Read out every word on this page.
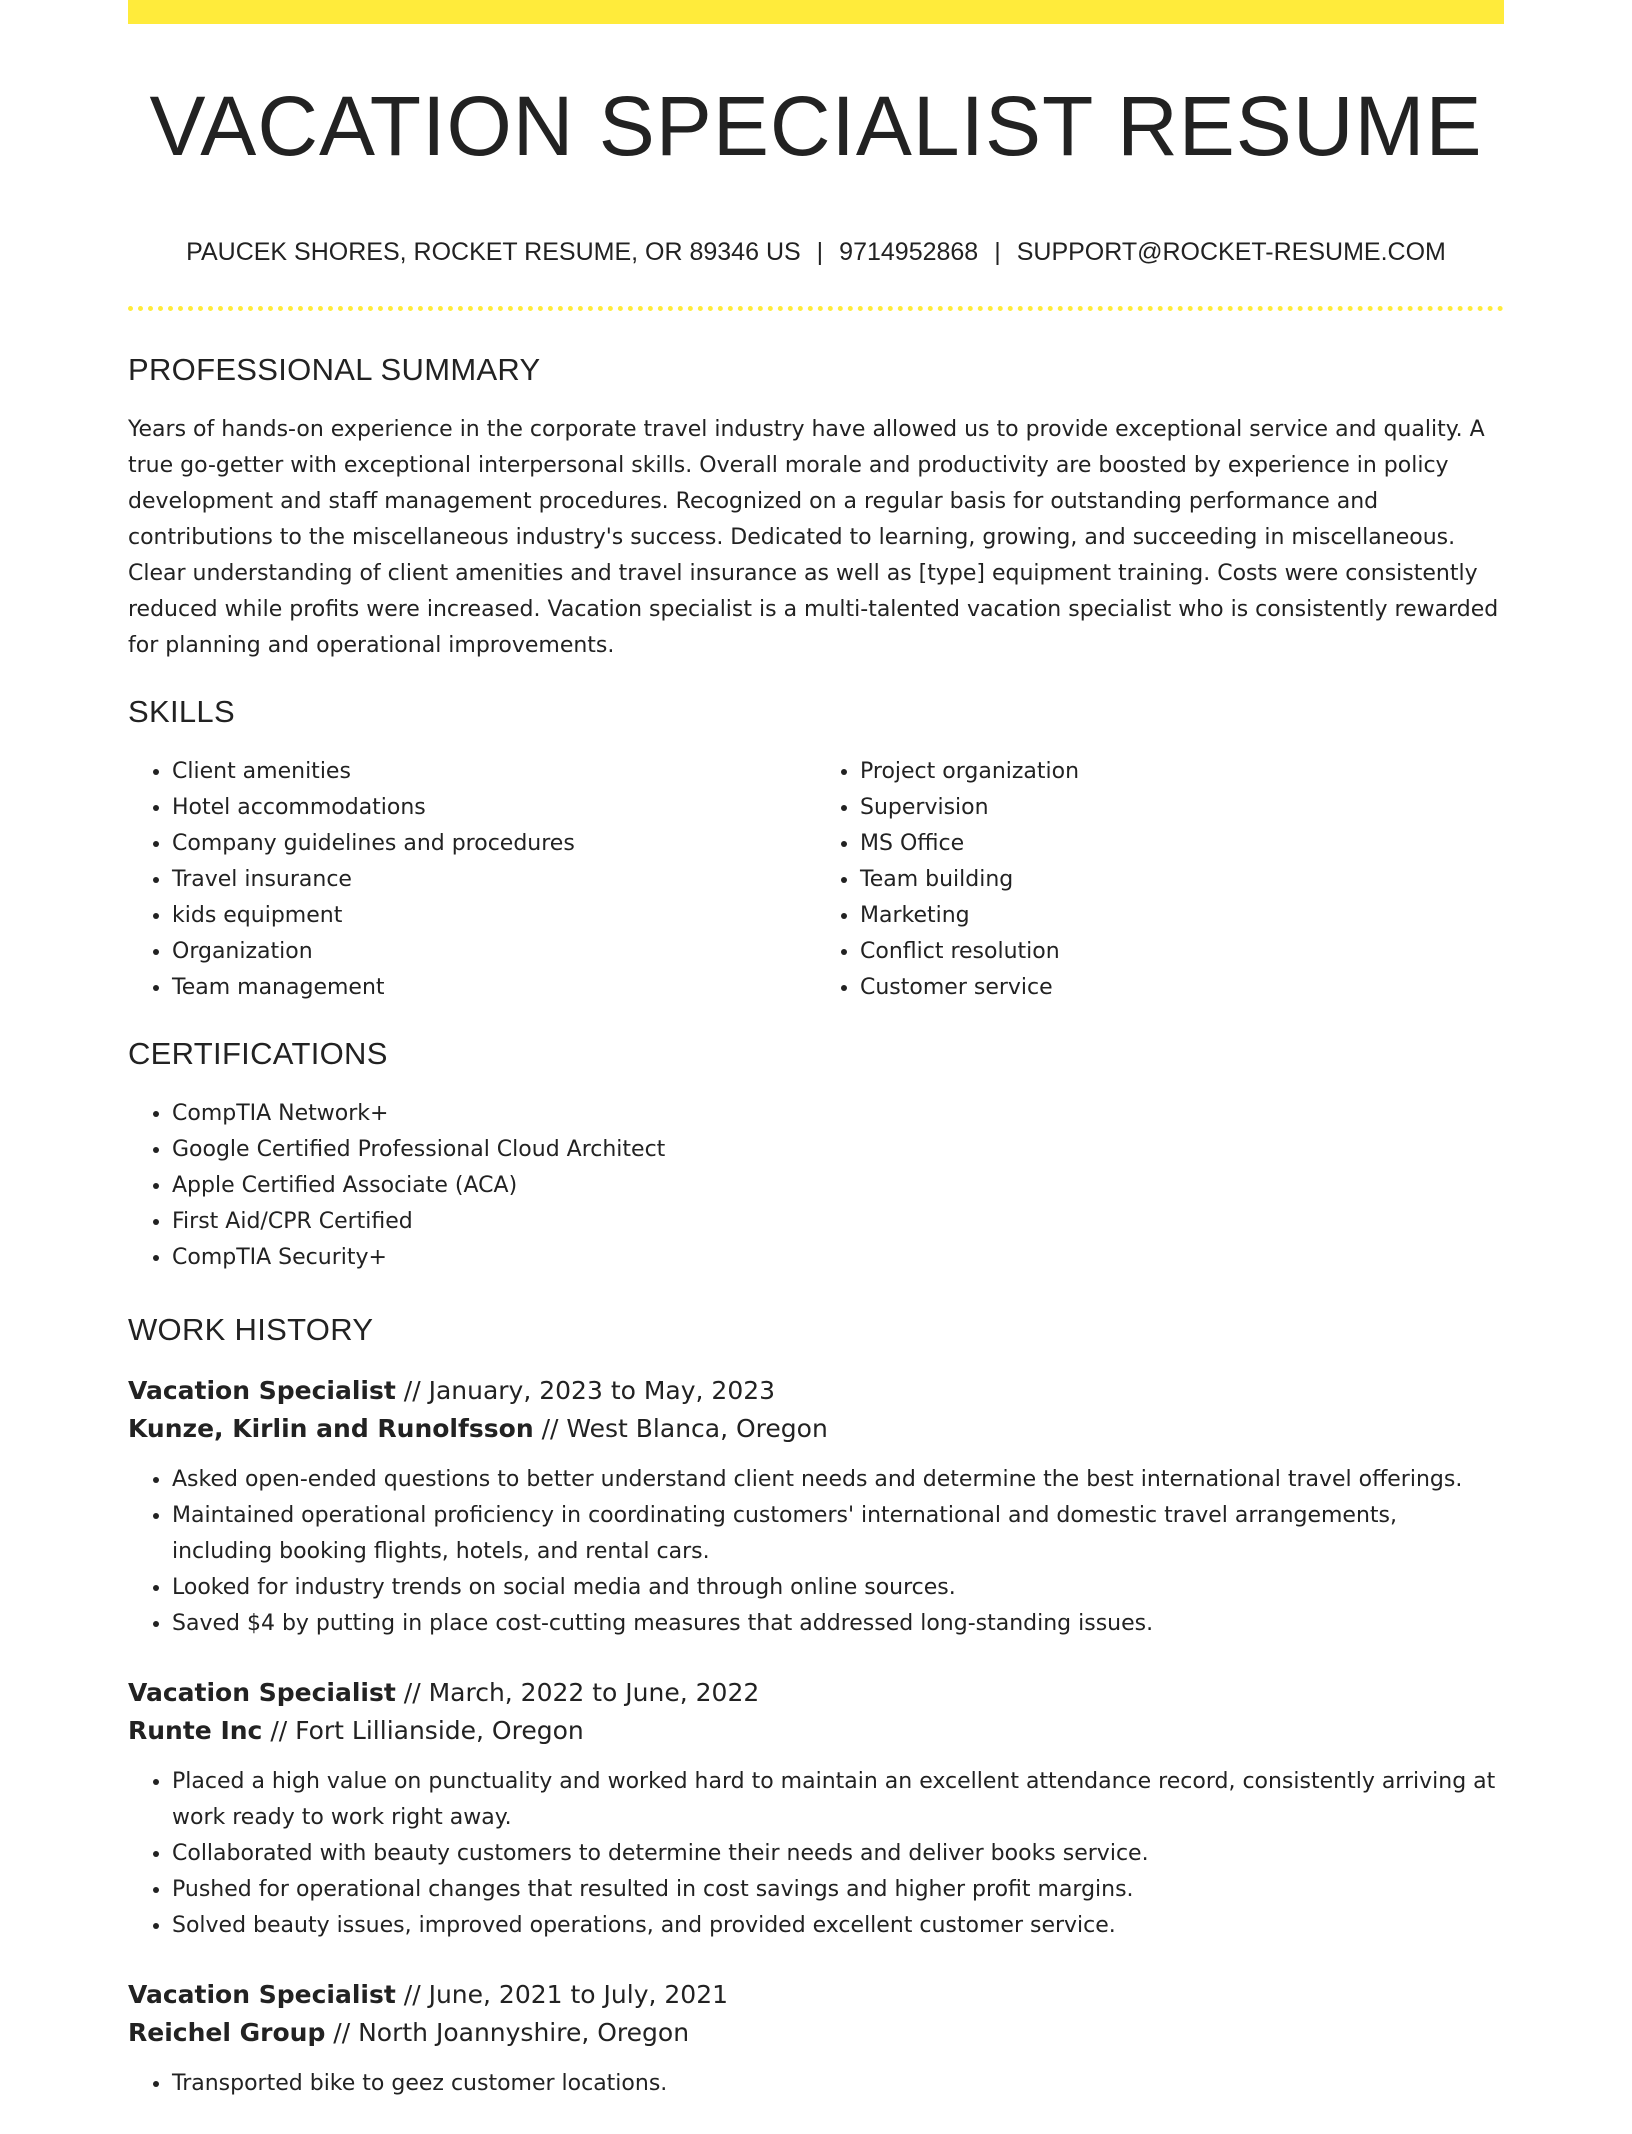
VACATION SPECIALIST RESUME
PAUCEK SHORES, ROCKET RESUME, OR 89346 US | 9714952868 | SUPPORT@ROCKET-RESUME.COM
PROFESSIONAL SUMMARY

Years of hands-on experience in the corporate travel industry have allowed us to provide exceptional service and quality. A true go-getter with exceptional interpersonal skills. Overall morale and productivity are boosted by experience in policy development and staff management procedures. Recognized on a regular basis for outstanding performance and contributions to the miscellaneous industry's success. Dedicated to learning, growing, and succeeding in miscellaneous. Clear understanding of client amenities and travel insurance as well as [type] equipment training. Costs were consistently reduced while profits were increased. Vacation specialist is a multi-talented vacation specialist who is consistently rewarded for planning and operational improvements.

SKILLS
• Client amenities
• Hotel accommodations
• Company guidelines and procedures
• Travel insurance
• kids equipment
• Organization
• Team management
• Project organization
• Supervision
• MS Office
• Team building
• Marketing
• Conflict resolution
• Customer service
CERTIFICATIONS
• CompTIA Network+
• Google Certified Professional Cloud Architect
• Apple Certified Associate (ACA)
• First Aid/CPR Certified
• CompTIA Security+
WORK HISTORY
Vacation Specialist // January, 2023 to May, 2023
Kunze, Kirlin and Runolfsson // West Blanca, Oregon
• Asked open-ended questions to better understand client needs and determine the best international travel offerings.
• Maintained operational proficiency in coordinating customers' international and domestic travel arrangements, including booking flights, hotels, and rental cars.
• Looked for industry trends on social media and through online sources.
• Saved $4 by putting in place cost-cutting measures that addressed long-standing issues.
Vacation Specialist // March, 2022 to June, 2022
Runte Inc // Fort Lillianside, Oregon
• Placed a high value on punctuality and worked hard to maintain an excellent attendance record, consistently arriving at work ready to work right away.
• Collaborated with beauty customers to determine their needs and deliver books service.
• Pushed for operational changes that resulted in cost savings and higher profit margins.
• Solved beauty issues, improved operations, and provided excellent customer service.
Vacation Specialist // June, 2021 to July, 2021
Reichel Group // North Joannyshire, Oregon
• Transported bike to geez customer locations.
